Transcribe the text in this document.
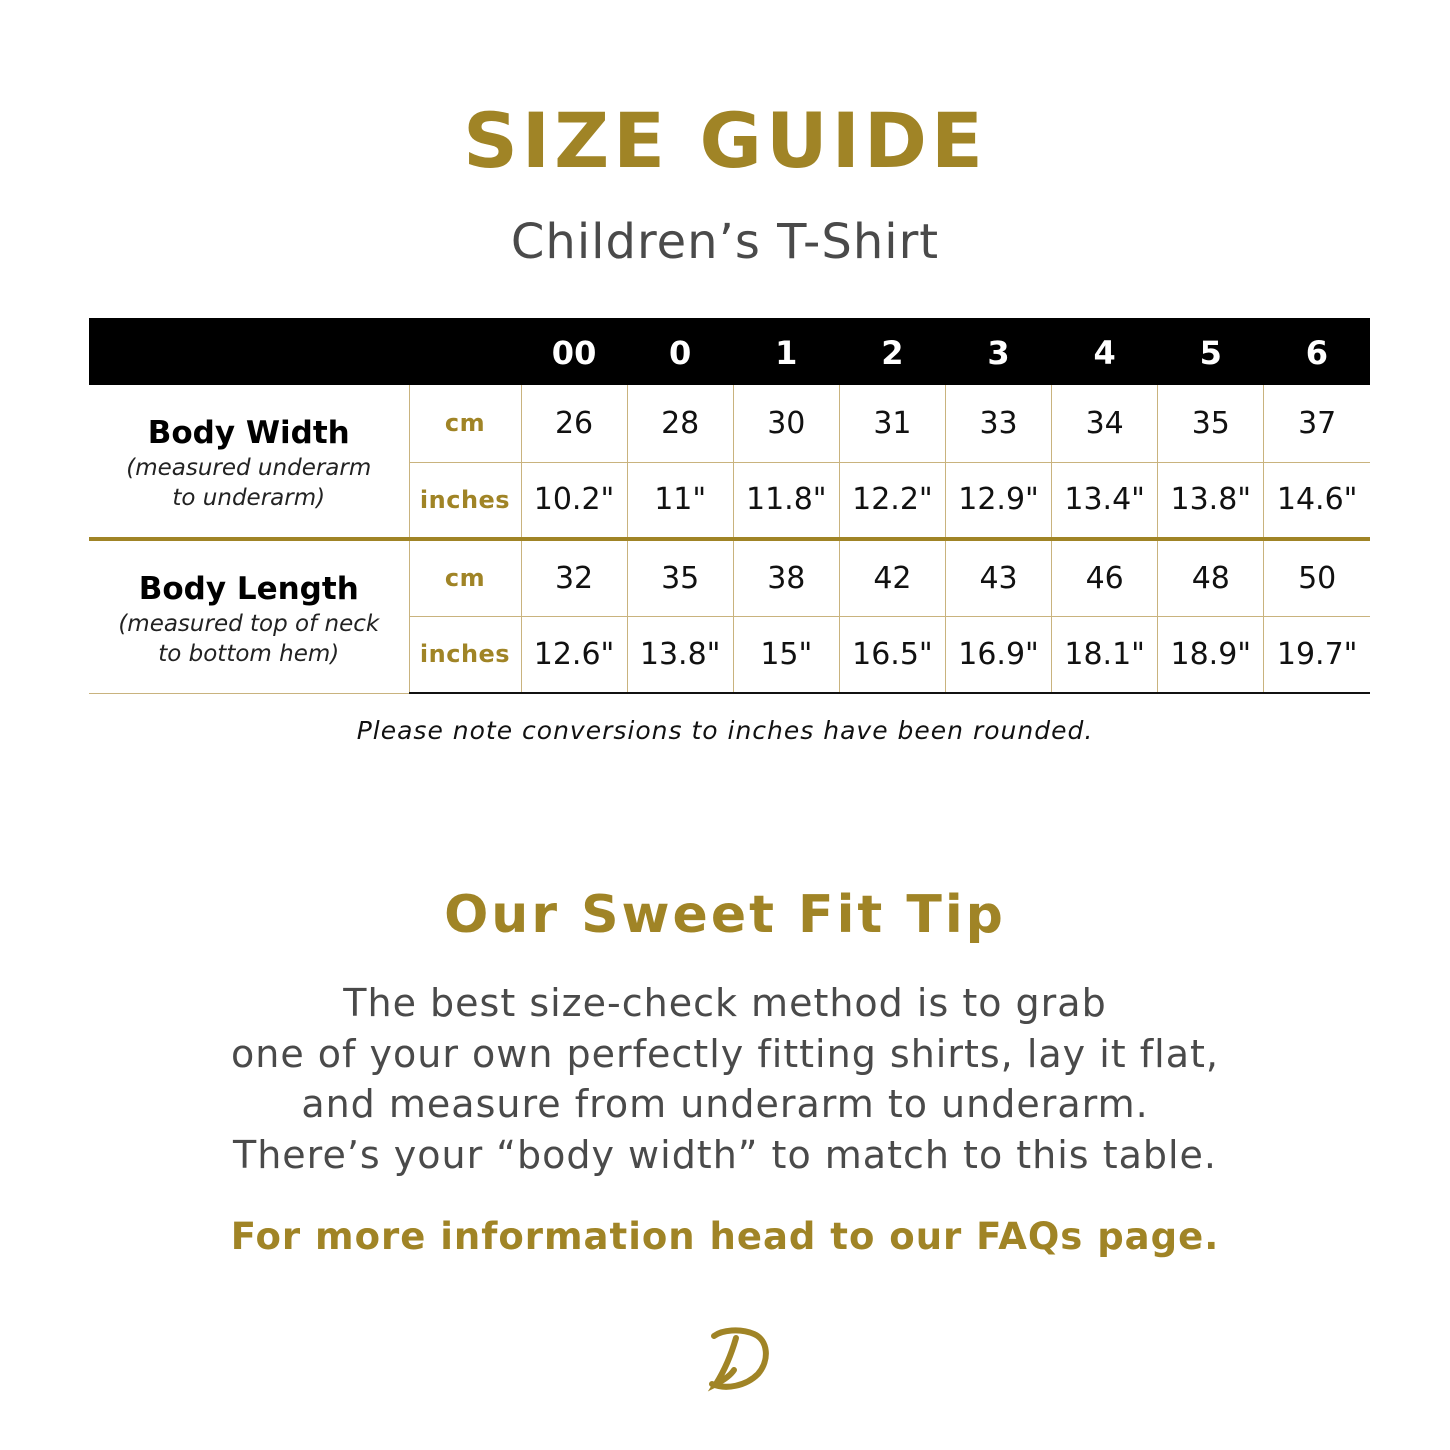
SIZE GUIDE
Children’s T-Shirt
		00	0	1	2	3	4	5	6

Body Width
(measured underarm
to underarm)	cm	26	28	30	31	33	34	35	37
	inches	10.2"	11"	11.8"	12.2"	12.9"	13.4"	13.8"	14.6"

Body Length
(measured top of neck
to bottom hem)	cm	32	35	38	42	43	46	48	50
	inches	12.6"	13.8"	15"	16.5"	16.9"	18.1"	18.9"	19.7"
Please note conversions to inches have been rounded.
Our Sweet Fit Tip
The best size-check method is to grab
one of your own perfectly fitting shirts, lay it flat,
and measure from underarm to underarm.
There’s your “body width” to match to this table.
For more information head to our FAQs page.
